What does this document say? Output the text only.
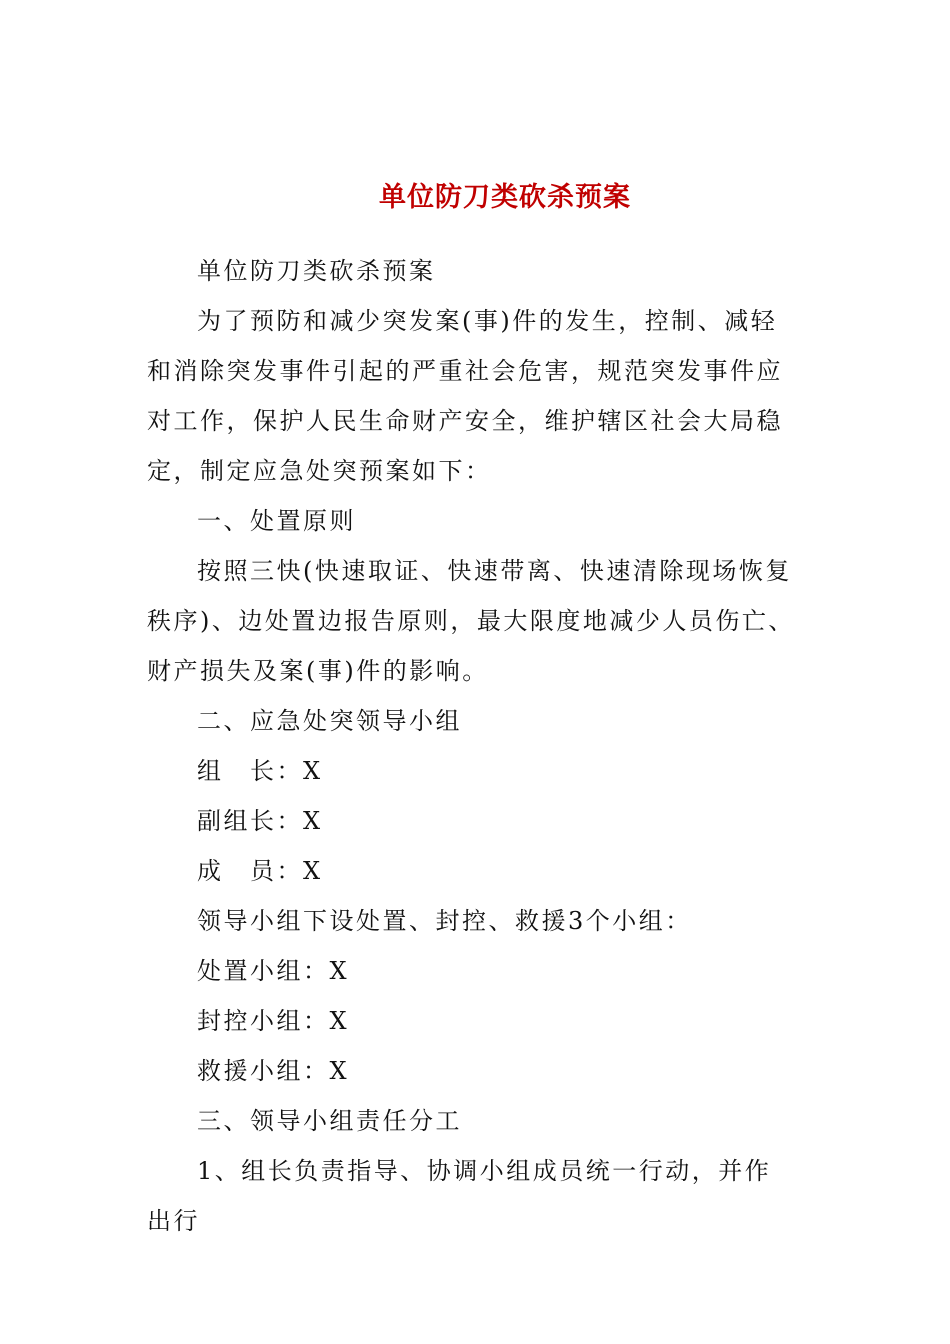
单位防刀类砍杀预案

单位防刀类砍杀预案

为了预防和减少突发案(事)件的发生，控制、减轻和消除突发事件引起的严重社会危害，规范突发事件应对工作，保护人民生命财产安全，维护辖区社会大局稳定，制定应急处突预案如下：

一、处置原则

按照三快(快速取证、快速带离、快速清除现场恢复秩序)、边处置边报告原则，最大限度地减少人员伤亡、财产损失及案(事)件的影响。

二、应急处突领导小组

组　长：X

副组长：X

成　员：X

领导小组下设处置、封控、救援3个小组：

处置小组：X

封控小组：X

救援小组：X

三、领导小组责任分工

1、组长负责指导、协调小组成员统一行动，并作出行
